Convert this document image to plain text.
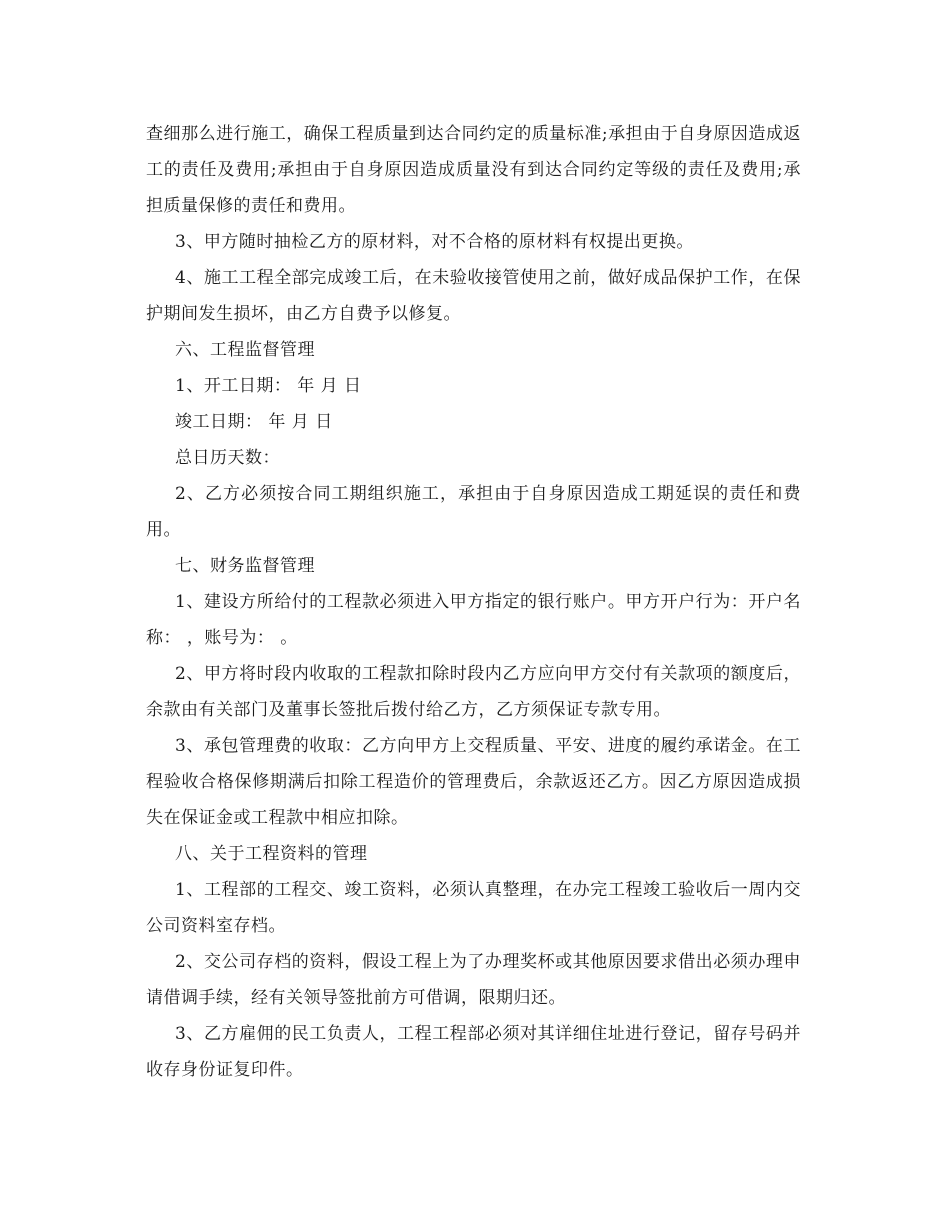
查细那么进行施工，确保工程质量到达合同约定的质量标准;承担由于自身原因造成返工的责任及费用;承担由于自身原因造成质量没有到达合同约定等级的责任及费用;承担质量保修的责任和费用。

3、甲方随时抽检乙方的原材料，对不合格的原材料有权提出更换。

4、施工工程全部完成竣工后，在未验收接管使用之前，做好成品保护工作，在保护期间发生损坏，由乙方自费予以修复。

六、工程监督管理

1、开工日期： 年 月 日

竣工日期： 年 月 日

总日历天数：

2、乙方必须按合同工期组织施工，承担由于自身原因造成工期延误的责任和费用。

七、财务监督管理

1、建设方所给付的工程款必须进入甲方指定的银行账户。甲方开户行为：开户名称： ，账号为： 。

2、甲方将时段内收取的工程款扣除时段内乙方应向甲方交付有关款项的额度后，余款由有关部门及董事长签批后拨付给乙方，乙方须保证专款专用。

3、承包管理费的收取：乙方向甲方上交程质量、平安、进度的履约承诺金。在工程验收合格保修期满后扣除工程造价的管理费后，余款返还乙方。因乙方原因造成损失在保证金或工程款中相应扣除。

八、关于工程资料的管理

1、工程部的工程交、竣工资料，必须认真整理，在办完工程竣工验收后一周内交公司资料室存档。

2、交公司存档的资料，假设工程上为了办理奖杯或其他原因要求借出必须办理申请借调手续，经有关领导签批前方可借调，限期归还。

3、乙方雇佣的民工负责人，工程工程部必须对其详细住址进行登记，留存号码并收存身份证复印件。
